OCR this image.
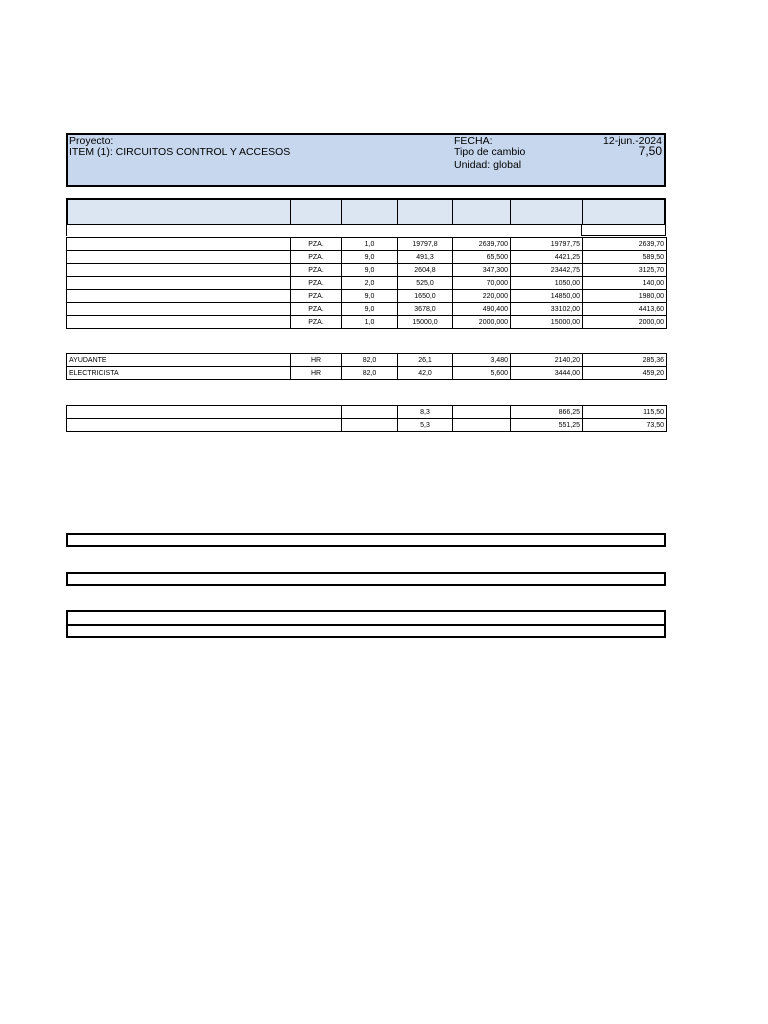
Proyecto:
ITEM (1): CIRCUITOS CONTROL Y ACCESOS
FECHA:	12-jun.-2024
Tipo de cambio	7,50
Unidad: global
	PZA.	1,0	19797,8	2639,700	19797,75	2639,70
	PZA.	9,0	491,3	65,500	4421,25	589,50
	PZA.	9,0	2604,8	347,300	23442,75	3125,70
	PZA.	2,0	525,0	70,000	1050,00	140,00
	PZA.	9,0	1650,0	220,000	14850,00	1980,00
	PZA.	9,0	3678,0	490,400	33102,00	4413,60
	PZA.	1,0	15000,0	2000,000	15000,00	2000,00
AYUDANTE	HR	82,0	26,1	3,480	2140,20	285,36
ELECTRICISTA	HR	82,0	42,0	5,600	3444,00	459,20
		8,3		866,25	115,50
		5,3		551,25	73,50
